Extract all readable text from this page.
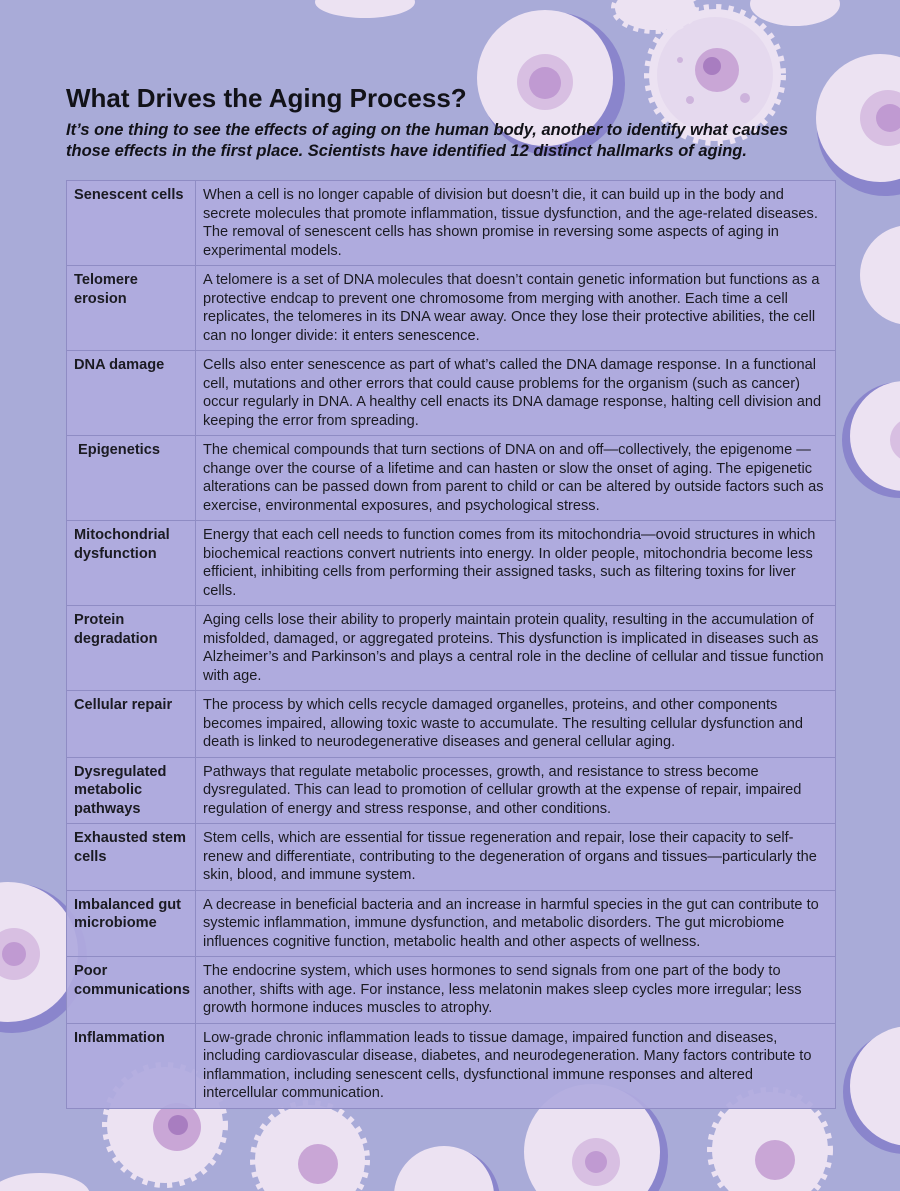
What Drives the Aging Process?

It’s one thing to see the effects of aging on the human body, another to identify what causes those effects in the first place. Scientists have identified 12 distinct hallmarks of aging.

Senescent cells	When a cell is no longer capable of division but doesn’t die, it can build up in the body and secrete molecules that promote inflammation, tissue dysfunction, and the age-related diseases. The removal of senescent cells has shown promise in reversing some aspects of aging in experimental models.
Telomere erosion	A telomere is a set of DNA molecules that doesn’t contain genetic information but functions as a protective endcap to prevent one chromosome from merging with another. Each time a cell replicates, the telomeres in its DNA wear away. Once they lose their protective abilities, the cell can no longer divide: it enters senescence.
DNA damage	Cells also enter senescence as part of what’s called the DNA damage response. In a functional cell, mutations and other errors that could cause problems for the organism (such as cancer) occur regularly in DNA. A healthy cell enacts its DNA damage response, halting cell division and keeping the error from spreading.
Epigenetics	The chemical compounds that turn sections of DNA on and off—collectively, the epigenome — change over the course of a lifetime and can hasten or slow the onset of aging. The epigenetic alterations can be passed down from parent to child or can be altered by outside factors such as exercise, environmental exposures, and psychological stress.
Mitochondrial dysfunction	Energy that each cell needs to function comes from its mitochondria—ovoid structures in which biochemical reactions convert nutrients into energy. In older people, mitochondria become less efficient, inhibiting cells from performing their assigned tasks, such as filtering toxins for liver cells.
Protein degradation	Aging cells lose their ability to properly maintain protein quality, resulting in the accumulation of misfolded, damaged, or aggregated proteins. This dysfunction is implicated in diseases such as Alzheimer’s and Parkinson’s and plays a central role in the decline of cellular and tissue function with age.
Cellular repair	The process by which cells recycle damaged organelles, proteins, and other components becomes impaired, allowing toxic waste to accumulate. The resulting cellular dysfunction and death is linked to neurodegenerative diseases and general cellular aging.
Dysregulated metabolic pathways	Pathways that regulate metabolic processes, growth, and resistance to stress become dysregulated. This can lead to promotion of cellular growth at the expense of repair, impaired regulation of energy and stress response, and other conditions.
Exhausted stem cells	Stem cells, which are essential for tissue regeneration and repair, lose their capacity to self-renew and differentiate, contributing to the degeneration of organs and tissues—particularly the skin, blood, and immune system.
Imbalanced gut microbiome	A decrease in beneficial bacteria and an increase in harmful species in the gut can contribute to systemic inflammation, immune dysfunction, and metabolic disorders. The gut microbiome influences cognitive function, metabolic health and other aspects of wellness.
Poor communications	The endocrine system, which uses hormones to send signals from one part of the body to another, shifts with age. For instance, less melatonin makes sleep cycles more irregular; less growth hormone induces muscles to atrophy.
Inflammation	Low-grade chronic inflammation leads to tissue damage, impaired function and diseases, including cardiovascular disease, diabetes, and neurodegeneration. Many factors contribute to inflammation, including senescent cells, dysfunctional immune responses and altered intercellular communication.
